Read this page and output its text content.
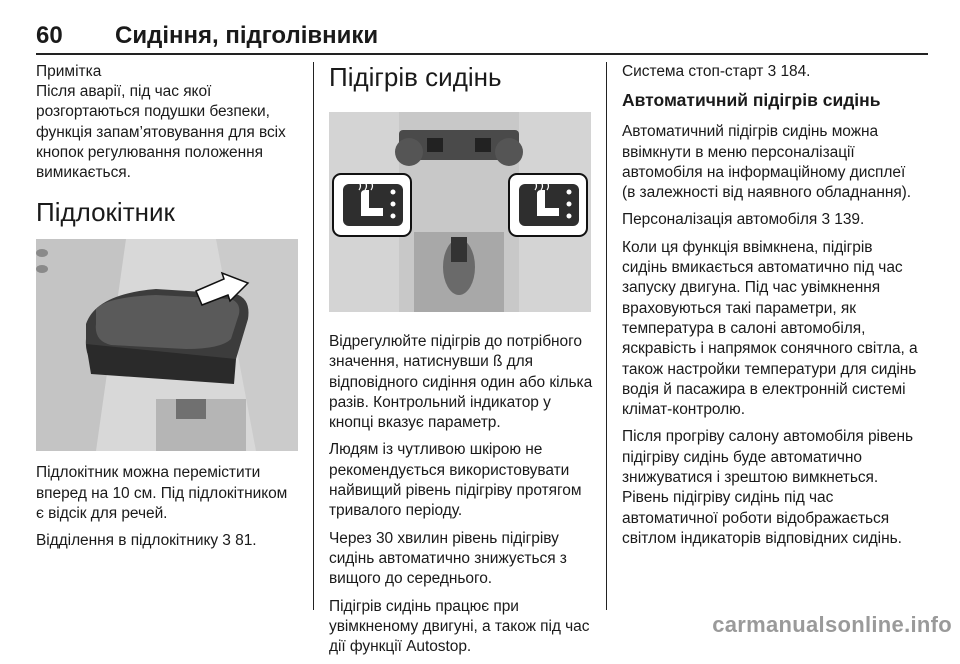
60 Сидіння, підголівники

Примітка

Після аварії, під час якої розгортаються подушки безпеки, функція запам’ятовування для всіх кнопок регулювання положення вимикається.

Підлокітник

Підлокітник можна перемістити вперед на 10 см. Під підлокітником є відсік для речей.

Відділення в підлокітнику 3 81.

Підігрів сидінь

Відрегулюйте підігрів до потрібного значення, натиснувши ß для відповідного сидіння один або кілька разів. Контрольний індикатор у кнопці вказує параметр.

Людям із чутливою шкірою не рекомендується використовувати найвищий рівень підігріву протягом тривалого періоду.

Через 30 хвилин рівень підігріву сидінь автоматично знижується з вищого до середнього.

Підігрів сидінь працює при увімкненому двигуні, а також під час дії функції Autostop.

Система стоп-старт 3 184.

Автоматичний підігрів сидінь

Автоматичний підігрів сидінь можна ввімкнути в меню персоналізації автомобіля на інформаційному дисплеї (в залежності від наявного обладнання).

Персоналізація автомобіля 3 139.

Коли ця функція ввімкнена, підігрів сидінь вмикається автоматично під час запуску двигуна. Під час увімкнення враховуються такі параметри, як температура в салоні автомобіля, яскравість і напрямок сонячного світла, а також настройки температури для сидінь водія й пасажира в електронній системі клімат-контролю.

Після прогріву салону автомобіля рівень підігріву сидінь буде автоматично знижуватися і зрештою вимкнеться. Рівень підігріву сидінь під час автоматичної роботи відображається світлом індикаторів відповідних сидінь.

carmanualsonline.info
